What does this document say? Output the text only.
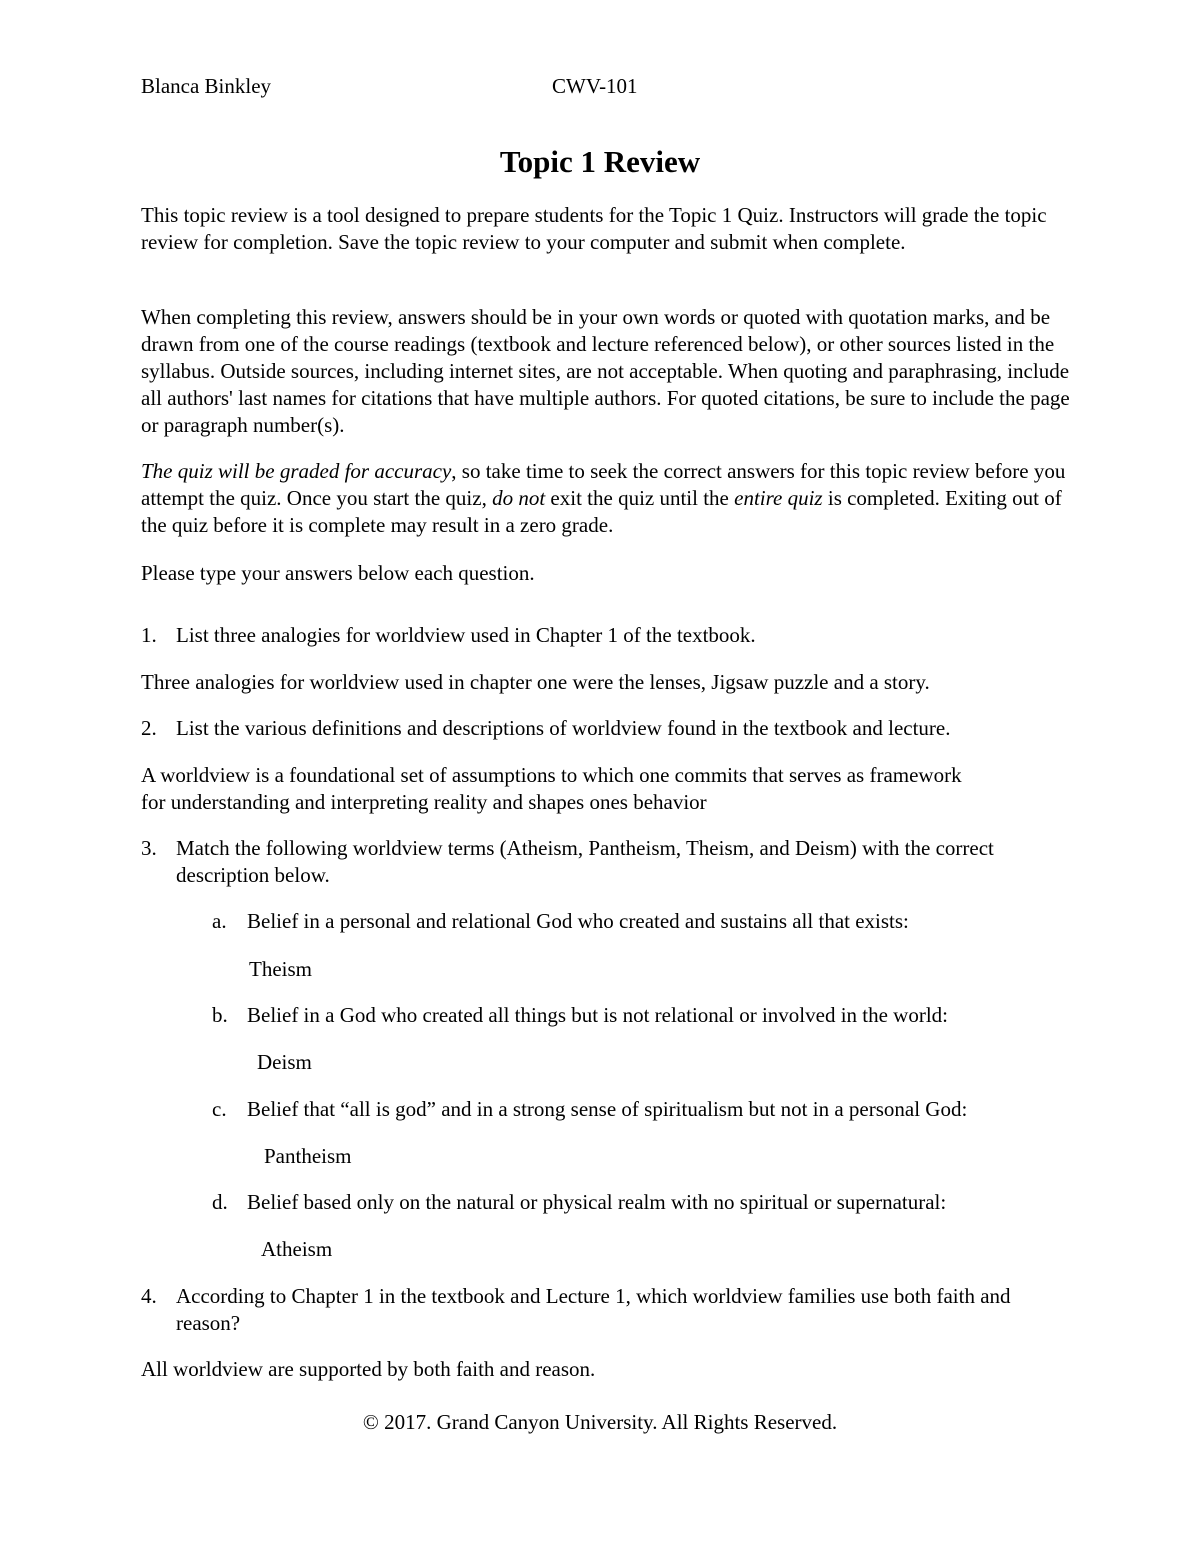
Blanca Binkley	CWV-101
Topic 1 Review

This topic review is a tool designed to prepare students for the Topic 1 Quiz. Instructors will grade the topic review for completion. Save the topic review to your computer and submit when complete.

When completing this review, answers should be in your own words or quoted with quotation marks, and be drawn from one of the course readings (textbook and lecture referenced below), or other sources listed in the syllabus. Outside sources, including internet sites, are not acceptable. When quoting and paraphrasing, include all authors' last names for citations that have multiple authors. For quoted citations, be sure to include the page or paragraph number(s).

The quiz will be graded for accuracy, so take time to seek the correct answers for this topic review before you attempt the quiz. Once you start the quiz, do not exit the quiz until the entire quiz is completed. Exiting out of the quiz before it is complete may result in a zero grade.

Please type your answers below each question.

1. List three analogies for worldview used in Chapter 1 of the textbook.

Three analogies for worldview used in chapter one were the lenses, Jigsaw puzzle and a story.

2. List the various definitions and descriptions of worldview found in the textbook and lecture.

A worldview is a foundational set of assumptions to which one commits that serves as framework for understanding and interpreting reality and shapes ones behavior

3. Match the following worldview terms (Atheism, Pantheism, Theism, and Deism) with the correct description below.
a. Belief in a personal and relational God who created and sustains all that exists:
Theism
b. Belief in a God who created all things but is not relational or involved in the world:
Deism
c. Belief that “all is god” and in a strong sense of spiritualism but not in a personal God:
Pantheism
d. Belief based only on the natural or physical realm with no spiritual or supernatural:
Atheism
4. According to Chapter 1 in the textbook and Lecture 1, which worldview families use both faith and reason?

All worldview are supported by both faith and reason.

© 2017. Grand Canyon University. All Rights Reserved.
